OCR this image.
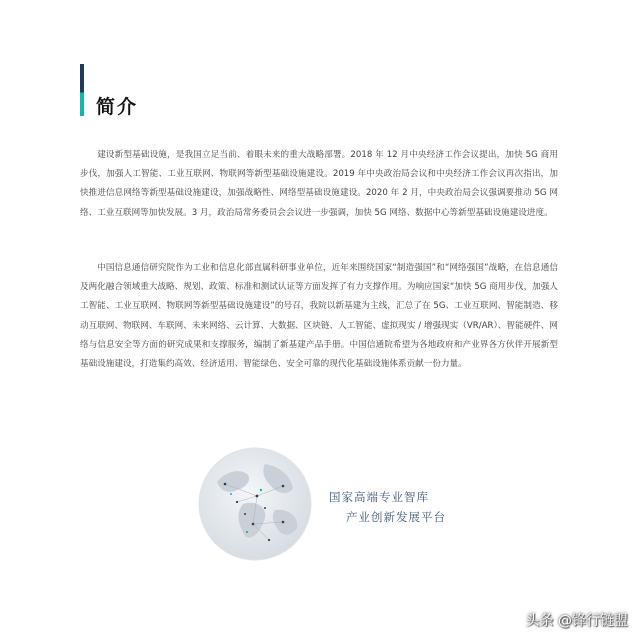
简介

建设新型基础设施，是我国立足当前、着眼未来的重大战略部署。2018 年 12 月中央经济工作会议提出，加快 5G 商用步伐，加强人工智能、工业互联网、物联网等新型基础设施建设。2019 年中央政治局会议和中央经济工作会议再次指出，加快推进信息网络等新型基础设施建设，加强战略性、网络型基础设施建设。2020 年 2 月，中央政治局会议强调要推动 5G 网络、工业互联网等加快发展。3 月，政治局常务委员会会议进一步强调，加快 5G 网络、数据中心等新型基础设施建设进度。

中国信息通信研究院作为工业和信息化部直属科研事业单位，近年来围绕国家“制造强国”和“网络强国”战略，在信息通信及两化融合领域重大战略、规划、政策、标准和测试认证等方面发挥了有力支撑作用。为响应国家“加快 5G 商用步伐，加强人工智能、工业互联网、物联网等新型基础设施建设”的号召，我院以新基建为主线，汇总了在 5G、工业互联网、智能制造、移动互联网、物联网、车联网、未来网络、云计算、大数据、区块链、人工智能、虚拟现实 / 增强现实（VR/AR）、智能硬件、网络与信息安全等方面的研究成果和支撑服务，编制了新基建产品手册。中国信通院希望为各地政府和产业界各方伙伴开展新型基础设施建设，打造集约高效、经济适用、智能绿色、安全可靠的现代化基础设施体系贡献一份力量。

国家高端专业智库
产业创新发展平台
头条 @锋行链盟
